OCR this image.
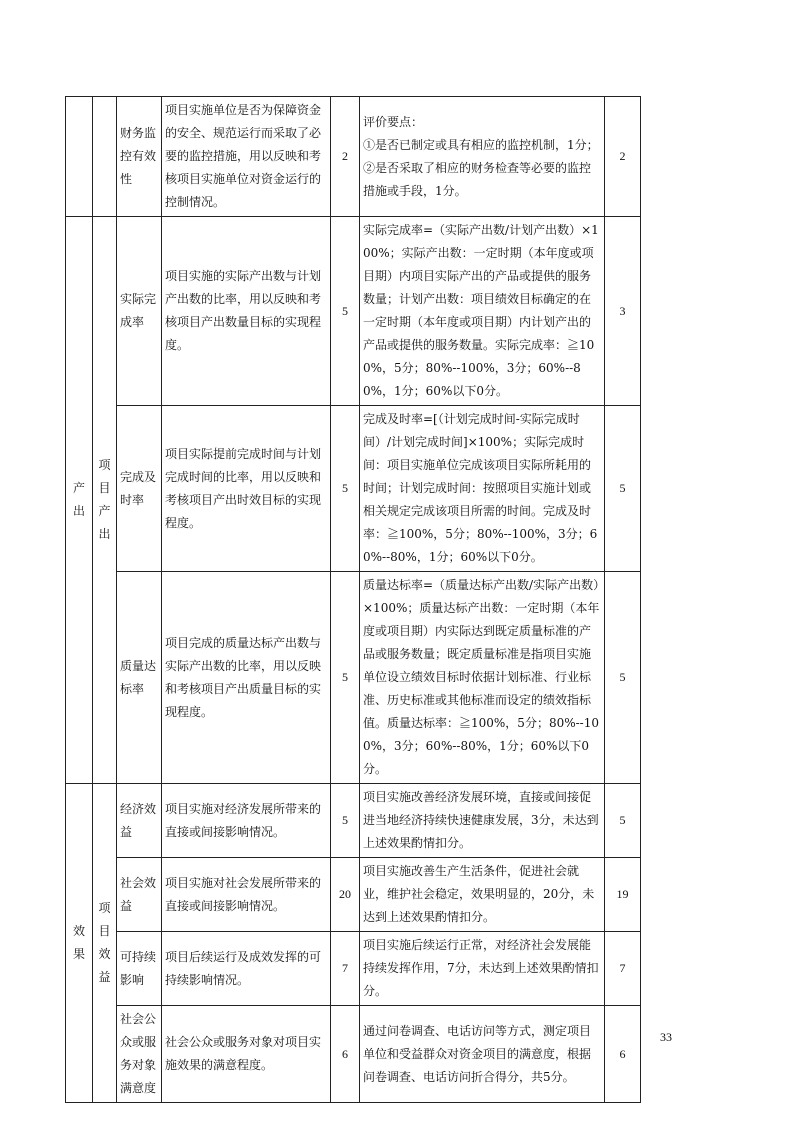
		财务监控有效性	项目实施单位是否为保障资金的安全、规范运行而采取了必要的监控措施，用以反映和考核项目实施单位对资金运行的控制情况。	2	评价要点：
①是否已制定或具有相应的监控机制，1分；
②是否采取了相应的财务检查等必要的监控措施或手段，1分。	2
产出	项目产出	实际完成率	项目实施的实际产出数与计划产出数的比率，用以反映和考核项目产出数量目标的实现程度。	5	实际完成率=（实际产出数/计划产出数）×100%；实际产出数：一定时期（本年度或项目期）内项目实际产出的产品或提供的服务数量；计划产出数：项目绩效目标确定的在一定时期（本年度或项目期）内计划产出的产品或提供的服务数量。实际完成率：≧100%，5分；80%--100%，3分；60%--80%，1分；60%以下0分。	3
		完成及时率	项目实际提前完成时间与计划完成时间的比率，用以反映和考核项目产出时效目标的实现程度。	5	完成及时率=[（计划完成时间-实际完成时间）/计划完成时间]×100%；实际完成时间：项目实施单位完成该项目实际所耗用的时间；计划完成时间：按照项目实施计划或相关规定完成该项目所需的时间。完成及时率：≧100%，5分；80%--100%，3分；60%--80%，1分；60%以下0分。	5
		质量达标率	项目完成的质量达标产出数与实际产出数的比率，用以反映和考核项目产出质量目标的实现程度。	5	质量达标率=（质量达标产出数/实际产出数）×100%；质量达标产出数：一定时期（本年度或项目期）内实际达到既定质量标准的产品或服务数量；既定质量标准是指项目实施单位设立绩效目标时依据计划标准、行业标准、历史标准或其他标准而设定的绩效指标值。质量达标率：≧100%，5分；80%--100%，3分；60%--80%，1分；60%以下0分。	5
效果	项目效益	经济效益	项目实施对经济发展所带来的直接或间接影响情况。	5	项目实施改善经济发展环境，直接或间接促进当地经济持续快速健康发展，3分，未达到上述效果酌情扣分。	5
		社会效益	项目实施对社会发展所带来的直接或间接影响情况。	20	项目实施改善生产生活条件，促进社会就业，维护社会稳定，效果明显的，20分，未达到上述效果酌情扣分。	19
		可持续影响	项目后续运行及成效发挥的可持续影响情况。	7	项目实施后续运行正常，对经济社会发展能持续发挥作用，7分，未达到上述效果酌情扣分。	7
		社会公众或服务对象满意度	社会公众或服务对象对项目实施效果的满意程度。	6	通过问卷调查、电话访问等方式，测定项目单位和受益群众对资金项目的满意度，根据问卷调查、电话访问折合得分，共5分。	6
33
